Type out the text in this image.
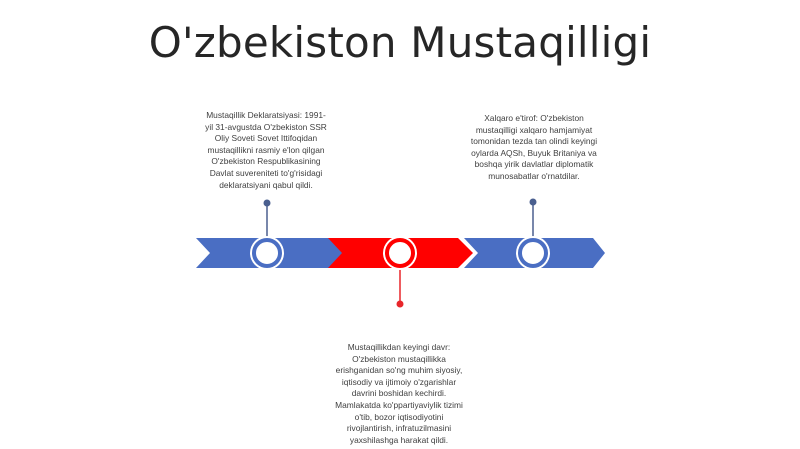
O'zbekiston Mustaqilligi
Mustaqillik Deklaratsiyasi: 1991-
yil 31-avgustda O'zbekiston SSR
Oliy Soveti Sovet Ittifoqidan
mustaqillikni rasmiy e'lon qilgan
O'zbekiston Respublikasining
Davlat suvereniteti to'g'risidagi
deklaratsiyani qabul qildi.
Xalqaro e'tirof: O'zbekiston
mustaqilligi xalqaro hamjamiyat
tomonidan tezda tan olindi keyingi
oylarda AQSh, Buyuk Britaniya va
boshqa yirik davlatlar diplomatik
munosabatlar o'rnatdilar.
Mustaqillikdan keyingi davr:
O'zbekiston mustaqillikka
erishganidan so'ng muhim siyosiy,
iqtisodiy va ijtimoiy o'zgarishlar
davrini boshidan kechirdi.
Mamlakatda ko'ppartiyaviylik tizimi
o'tib, bozor iqtisodiyotini
rivojlantirish, infratuzilmasini
yaxshilashga harakat qildi.
